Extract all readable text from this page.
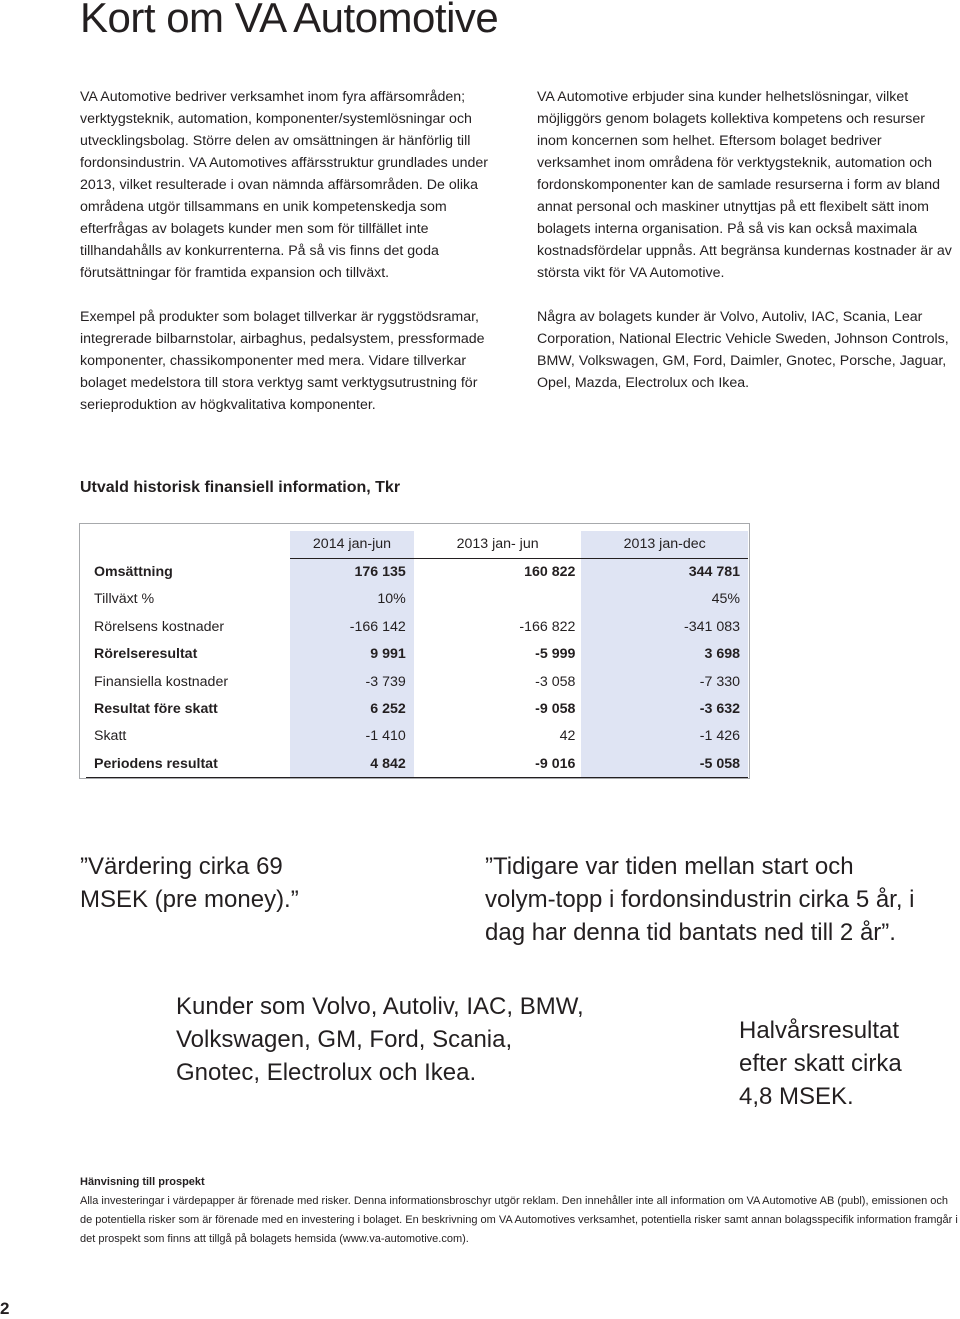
Kort om VA Automotive

VA Automotive bedriver verksamhet inom fyra affärsområden; verktygsteknik, automation, komponenter/systemlösningar och utvecklingsbolag. Större delen av omsättningen är hänförlig till fordonsindustrin. VA Automotives affärsstruktur grundlades under 2013, vilket resulterade i ovan nämnda affärsområden. De olika områdena utgör tillsammans en unik kompetenskedja som efterfrågas av bolagets kunder men som för tillfället inte tillhandahålls av konkurrenterna. På så vis finns det goda förutsättningar för framtida expansion och tillväxt.

Exempel på produkter som bolaget tillverkar är ryggstödsramar, integrerade bilbarnstolar, airbaghus, pedalsystem, pressformade komponenter, chassikomponenter med mera. Vidare tillverkar bolaget medelstora till stora verktyg samt verktygsutrustning för serieproduktion av högkvalitativa komponenter.

VA Automotive erbjuder sina kunder helhetslösningar, vilket möjliggörs genom bolagets kollektiva kompetens och resurser inom koncernen som helhet. Eftersom bolaget bedriver verksamhet inom områdena för verktygsteknik, automation och fordonskomponenter kan de samlade resurserna i form av bland annat personal och maskiner utnyttjas på ett flexibelt sätt inom bolagets interna organisation. På så vis kan också maximala kostnadsfördelar uppnås. Att begränsa kundernas kostnader är av största vikt för VA Automotive.

Några av bolagets kunder är Volvo, Autoliv, IAC, Scania, Lear Corporation, National Electric Vehicle Sweden, Johnson Controls, BMW, Volkswagen, GM, Ford, Daimler, Gnotec, Porsche, Jaguar, Opel, Mazda, Electrolux och Ikea.

Utvald historisk finansiell information, Tkr
	2014 jan-jun	2013 jan- jun	2013 jan-dec
Omsättning	176 135	160 822	344 781
Tillväxt %	10%		45%
Rörelsens kostnader	-166 142	-166 822	-341 083
Rörelseresultat	9 991	-5 999	3 698
Finansiella kostnader	-3 739	-3 058	-7 330
Resultat före skatt	6 252	-9 058	-3 632
Skatt	-1 410	42	-1 426
Periodens resultat	4 842	-9 016	-5 058
”Värdering cirka 69 MSEK (pre money).”
”Tidigare var tiden mellan start och volym-topp i fordonsindustrin cirka 5 år, i dag har denna tid bantats ned till 2 år”.
Kunder som Volvo, Autoliv, IAC, BMW, Volkswagen, GM, Ford, Scania, Gnotec, Electrolux och Ikea.
Halvårsresultat efter skatt cirka 4,8 MSEK.
Hänvisning till prospekt
Alla investeringar i värdepapper är förenade med risker. Denna informationsbroschyr utgör reklam. Den innehåller inte all information om VA Automotive AB (publ), emissionen och de potentiella risker som är förenade med en investering i bolaget. En beskrivning om VA Automotives verksamhet, potentiella risker samt annan bolagsspecifik information framgår i det prospekt som finns att tillgå på bolagets hemsida (www.va-automotive.com).
2
